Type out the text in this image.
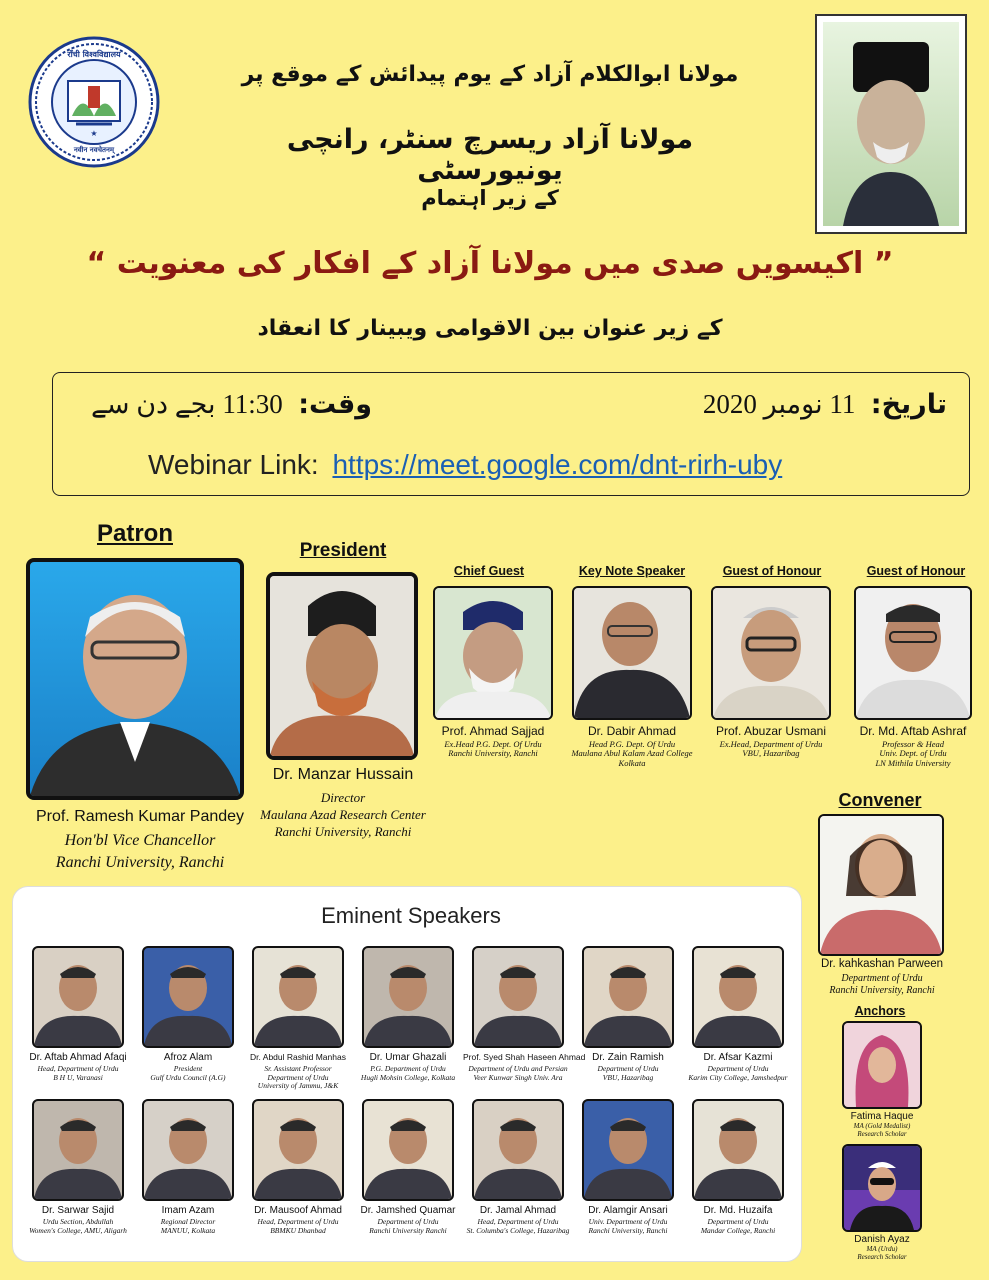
★
राँची विश्वविद्यालय
नवीन नवचेतनम्
مولانا ابوالکلام آزاد کے یوم پیدائش کے موقع پر
مولانا آزاد ریسرچ سنٹر، رانچی یونیورسٹی
کے زیر اہتمام
” اکیسویں صدی میں مولانا آزاد کے افکار کی معنویت “
کے زیر عنوان بین الاقوامی ویبینار کا انعقاد
تاریخ: 11 نومبر 2020
وقت: 11:30 بجے دن سے
Webinar Link: https://meet.google.com/dnt-rirh-uby
Patron
Prof. Ramesh Kumar Pandey
Hon'bl Vice Chancellor
Ranchi University, Ranchi
President
Dr. Manzar Hussain
Director
Maulana Azad Research Center
Ranchi University, Ranchi
Chief Guest
Prof. Ahmad Sajjad
Ex.Head P.G. Dept. Of Urdu
Ranchi University, Ranchi
Key Note Speaker
Dr. Dabir Ahmad
Head P.G. Dept. Of Urdu
Maulana Abul Kalam Azad College
Kolkata
Guest of Honour
Prof. Abuzar Usmani
Ex.Head, Department of Urdu
VBU, Hazaribag
Guest of Honour
Dr. Md. Aftab Ashraf
Professor & Head
Univ. Dept. of Urdu
LN Mithila University
Convener
Dr. kahkashan Parween
Department of Urdu
Ranchi University, Ranchi
Anchors
Fatima Haque
MA (Gold Medalist)
Research Scholar
Danish Ayaz
MA (Urdu)
Research Scholar
Eminent Speakers
Dr. Aftab Ahmad Afaqi
Head, Department of Urdu
B H U, Varanasi
Afroz Alam
President
Gulf Urdu Council (A.G)
Dr. Abdul Rashid Manhas
Sr. Assistant Professor
Department of Urdu
University of Jammu, J&K
Dr. Umar Ghazali
P.G. Department of Urdu
Hugli Mohsin College, Kolkata
Prof. Syed Shah Haseen Ahmad
Department of Urdu and Persian
Veer Kunwar Singh Univ. Ara
Dr. Zain Ramish
Department of Urdu
VBU, Hazaribag
Dr. Afsar Kazmi
Department of Urdu
Karim City College, Jamshedpur
Dr. Sarwar Sajid
Urdu Section, Abdullah
Women's College, AMU, Aligarh
Imam Azam
Regional Director
MANUU, Kolkata
Dr. Mausoof Ahmad
Head, Department of Urdu
BBMKU Dhanbad
Dr. Jamshed Quamar
Department of Urdu
Ranchi University Ranchi
Dr. Jamal Ahmad
Head, Department of Urdu
St. Columba's College, Hazaribag
Dr. Alamgir Ansari
Univ. Department of Urdu
Ranchi University, Ranchi
Dr. Md. Huzaifa
Department of Urdu
Mandar College, Ranchi
